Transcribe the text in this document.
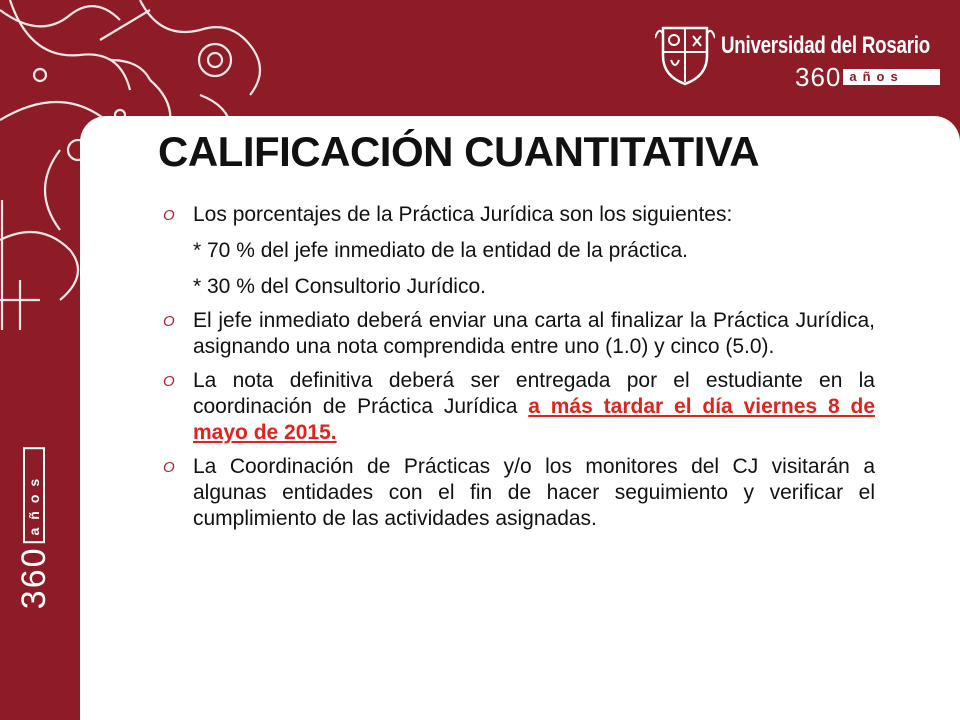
Universidad del Rosario
360 años
360
años
CALIFICACIÓN CUANTITATIVA
O Los porcentajes de la Práctica Jurídica son los siguientes:
* 70 % del jefe inmediato de la entidad de la práctica.
* 30 % del Consultorio Jurídico.
O El jefe inmediato deberá enviar una carta al finalizar la Práctica Jurídica, asignando una nota comprendida entre uno (1.0) y cinco (5.0).
O La nota definitiva deberá ser entregada por el estudiante en la coordinación de Práctica Jurídica a más tardar el día viernes 8 de mayo de 2015.
O La Coordinación de Prácticas y/o los monitores del CJ visitarán a algunas entidades con el fin de hacer seguimiento y verificar el cumplimiento de las actividades asignadas.
